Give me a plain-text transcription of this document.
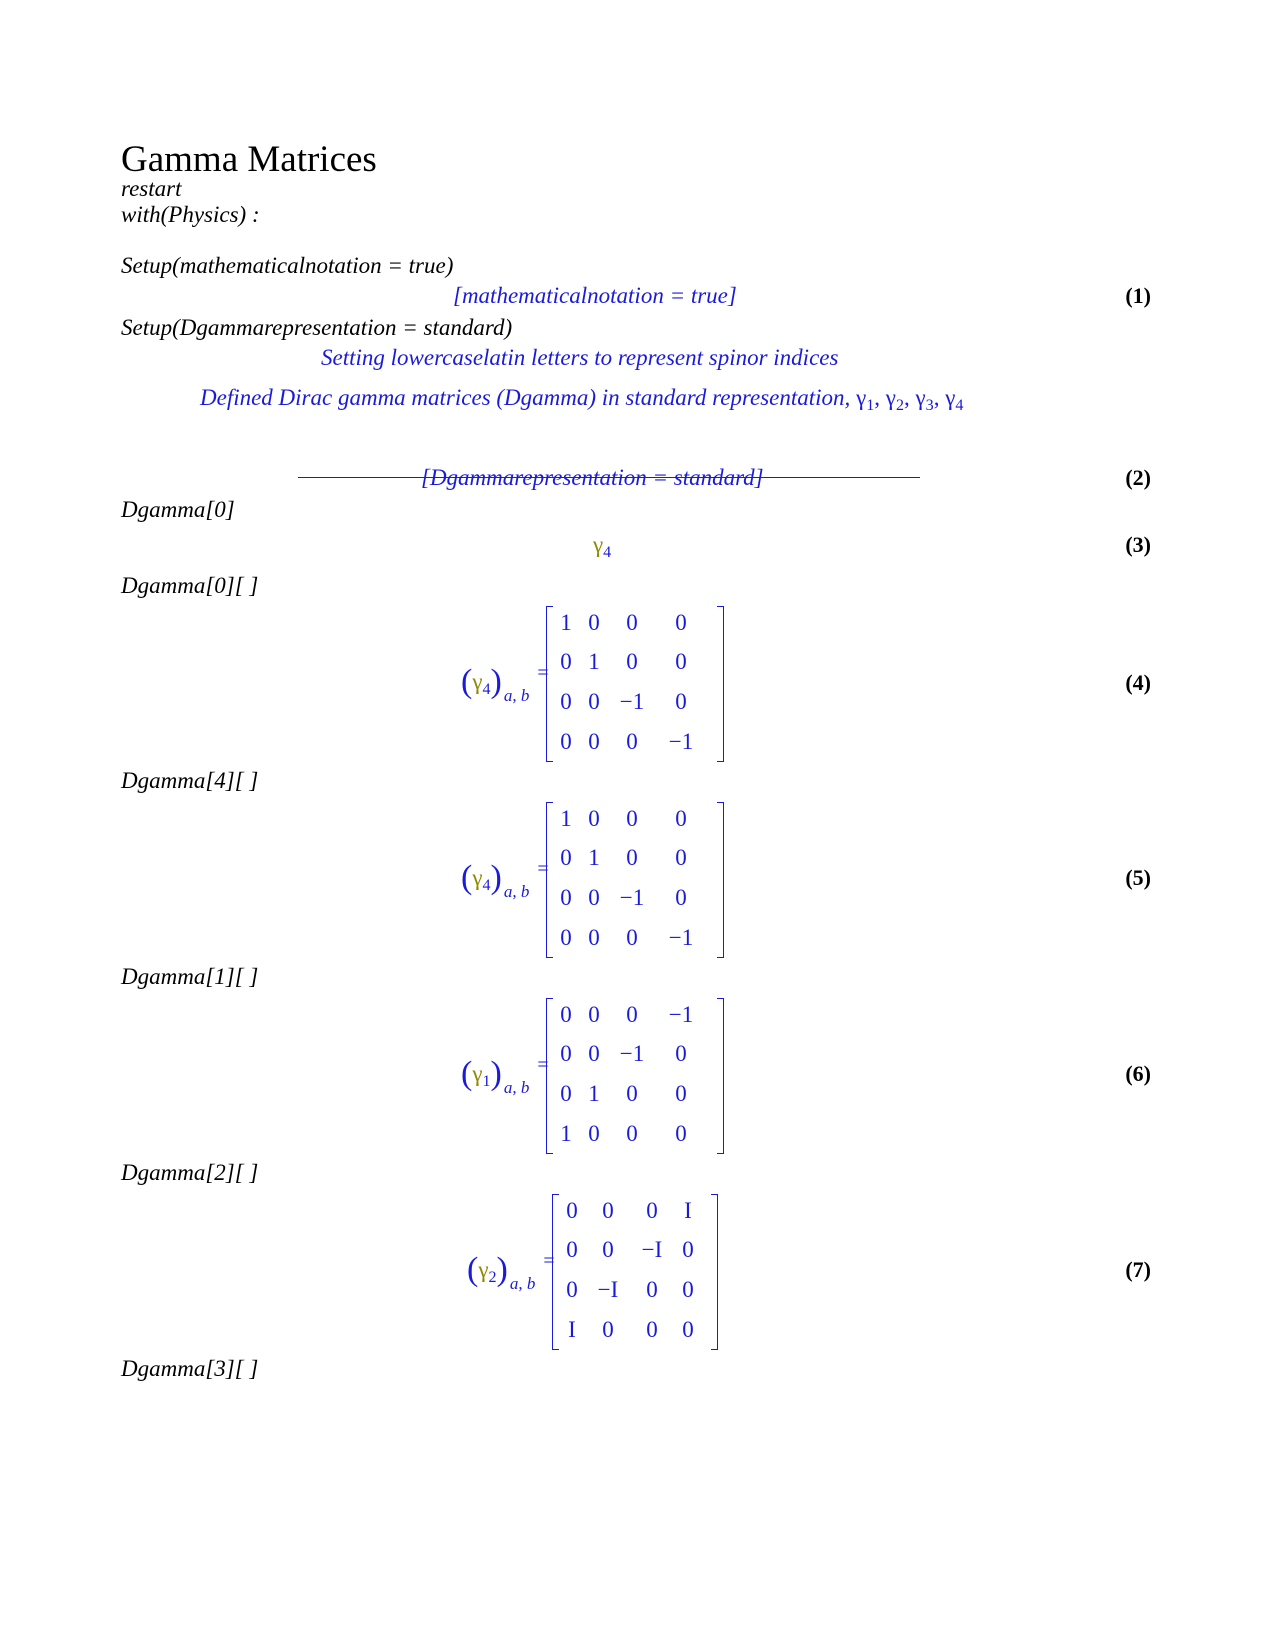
Gamma Matrices
restart
with(Physics) :
Setup(mathematicalnotation = true)
[mathematicalnotation = true]	(1)
Setup(Dgammarepresentation = standard)
Setting lowercaselatin letters to represent spinor indices
Defined Dirac gamma matrices (Dgamma) in standard representation, $\gamma_1$, $\gamma_2$, $\gamma_3$, $\gamma_4$
[Dgammarepresentation = standard]	(2)
Dgamma[0]
$\gamma_4$	(3)
Dgamma[0][ ]
(4)
Dgamma[4][ ]
(5)
Dgamma[1][ ]
(6)
Dgamma[2][ ]
(7)
Dgamma[3][ ]
$(\gamma_4)$ $_{a, b}$=
1 0 0 0
0 1 0 0
0 0 −1 0
0 0 0 −1
$(\gamma_4)$ $_{a, b}$=
1 0 0 0
0 1 0 0
0 0 −1 0
0 0 0 −1
$(\gamma_1)$ $_{a, b}$=
0 0 0 −1
0 0 −1 0
0 1 0 0
1 0 0 0
$(\gamma_2)$ $_{a, b}$=
0 0 0 I
0 0 −I 0
0 −I 0 0
I 0 0 0
